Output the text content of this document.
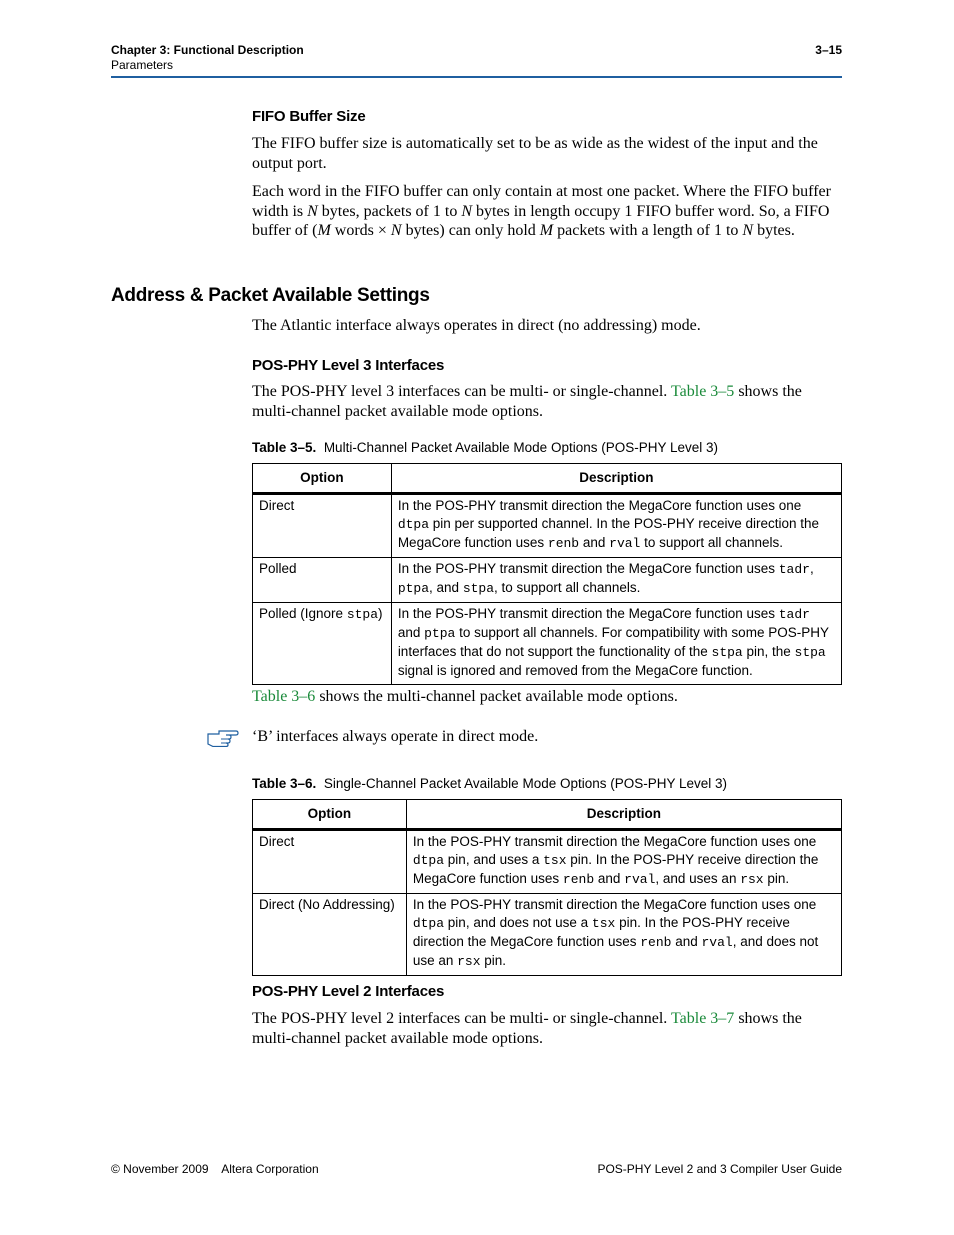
Chapter 3: Functional Description
Parameters
3–15
FIFO Buffer Size

The FIFO buffer size is automatically set to be as wide as the widest of the input and the output port.

Each word in the FIFO buffer can only contain at most one packet. Where the FIFO buffer width is N bytes, packets of 1 to N bytes in length occupy 1 FIFO buffer word. So, a FIFO buffer of (M words × N bytes) can only hold M packets with a length of 1 to N bytes.

Address & Packet Available Settings

The Atlantic interface always operates in direct (no addressing) mode.

POS-PHY Level 3 Interfaces

The POS-PHY level 3 interfaces can be multi- or single-channel. Table 3–5 shows the multi-channel packet available mode options.

Table 3–5. Multi-Channel Packet Available Mode Options (POS-PHY Level 3)
Option	Description
Direct	In the POS-PHY transmit direction the MegaCore function uses one dtpa pin per supported channel. In the POS-PHY receive direction the MegaCore function uses renb and rval to support all channels.
Polled	In the POS-PHY transmit direction the MegaCore function uses tadr, ptpa, and stpa, to support all channels.
Polled (Ignore stpa)	In the POS-PHY transmit direction the MegaCore function uses tadr and ptpa to support all channels. For compatibility with some POS-PHY interfaces that do not support the functionality of the stpa pin, the stpa signal is ignored and removed from the MegaCore function.

Table 3–6 shows the multi-channel packet available mode options.

‘B’ interfaces always operate in direct mode.

Table 3–6. Single-Channel Packet Available Mode Options (POS-PHY Level 3)
Option	Description
Direct	In the POS-PHY transmit direction the MegaCore function uses one dtpa pin, and uses a tsx pin. In the POS-PHY receive direction the MegaCore function uses renb and rval, and uses an rsx pin.
Direct (No Addressing)	In the POS-PHY transmit direction the MegaCore function uses one dtpa pin, and does not use a tsx pin. In the POS-PHY receive direction the MegaCore function uses renb and rval, and does not use an rsx pin.
POS-PHY Level 2 Interfaces

The POS-PHY level 2 interfaces can be multi- or single-channel. Table 3–7 shows the multi-channel packet available mode options.

© November 2009    Altera Corporation	POS-PHY Level 2 and 3 Compiler User Guide
